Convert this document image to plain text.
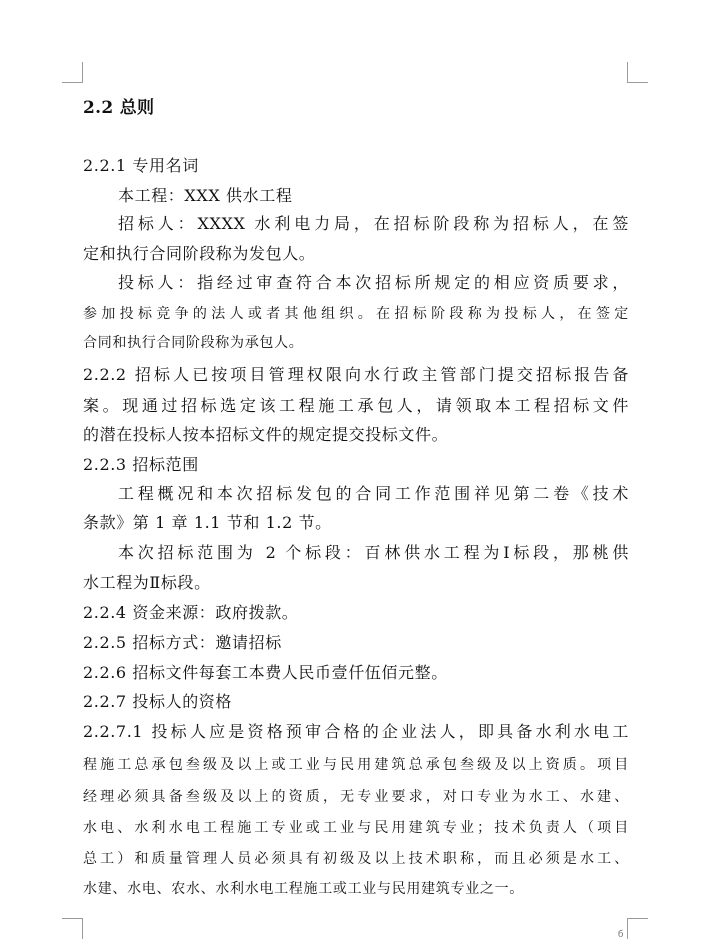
б
2.2 总则
2.2.1 专用名词
本工程：XXX 供水工程
招标人：XXXX 水利电力局，在招标阶段称为招标人，在签
定和执行合同阶段称为发包人。
投标人：指经过审查符合本次招标所规定的相应资质要求，
参加投标竞争的法人或者其他组织。在招标阶段称为投标人，在签定
合同和执行合同阶段称为承包人。
2.2.2 招标人已按项目管理权限向水行政主管部门提交招标报告备
案。现通过招标选定该工程施工承包人，请领取本工程招标文件
的潜在投标人按本招标文件的规定提交投标文件。
2.2.3 招标范围
工程概况和本次招标发包的合同工作范围祥见第二卷《技术
条款》第 1 章 1.1 节和 1.2 节。
本次招标范围为 2 个标段：百林供水工程为Ⅰ标段，那桃供
水工程为Ⅱ标段。
2.2.4 资金来源：政府拨款。
2.2.5 招标方式：邀请招标
2.2.6 招标文件每套工本费人民币壹仟伍佰元整。
2.2.7 投标人的资格
2.2.7.1 投标人应是资格预审合格的企业法人，即具备水利水电工
程施工总承包叁级及以上或工业与民用建筑总承包叁级及以上资质。项目
经理必须具备叁级及以上的资质，无专业要求，对口专业为水工、水建、
水电、水利水电工程施工专业或工业与民用建筑专业；技术负责人（项目
总工）和质量管理人员必须具有初级及以上技术职称，而且必须是水工、
水建、水电、农水、水利水电工程施工或工业与民用建筑专业之一。
